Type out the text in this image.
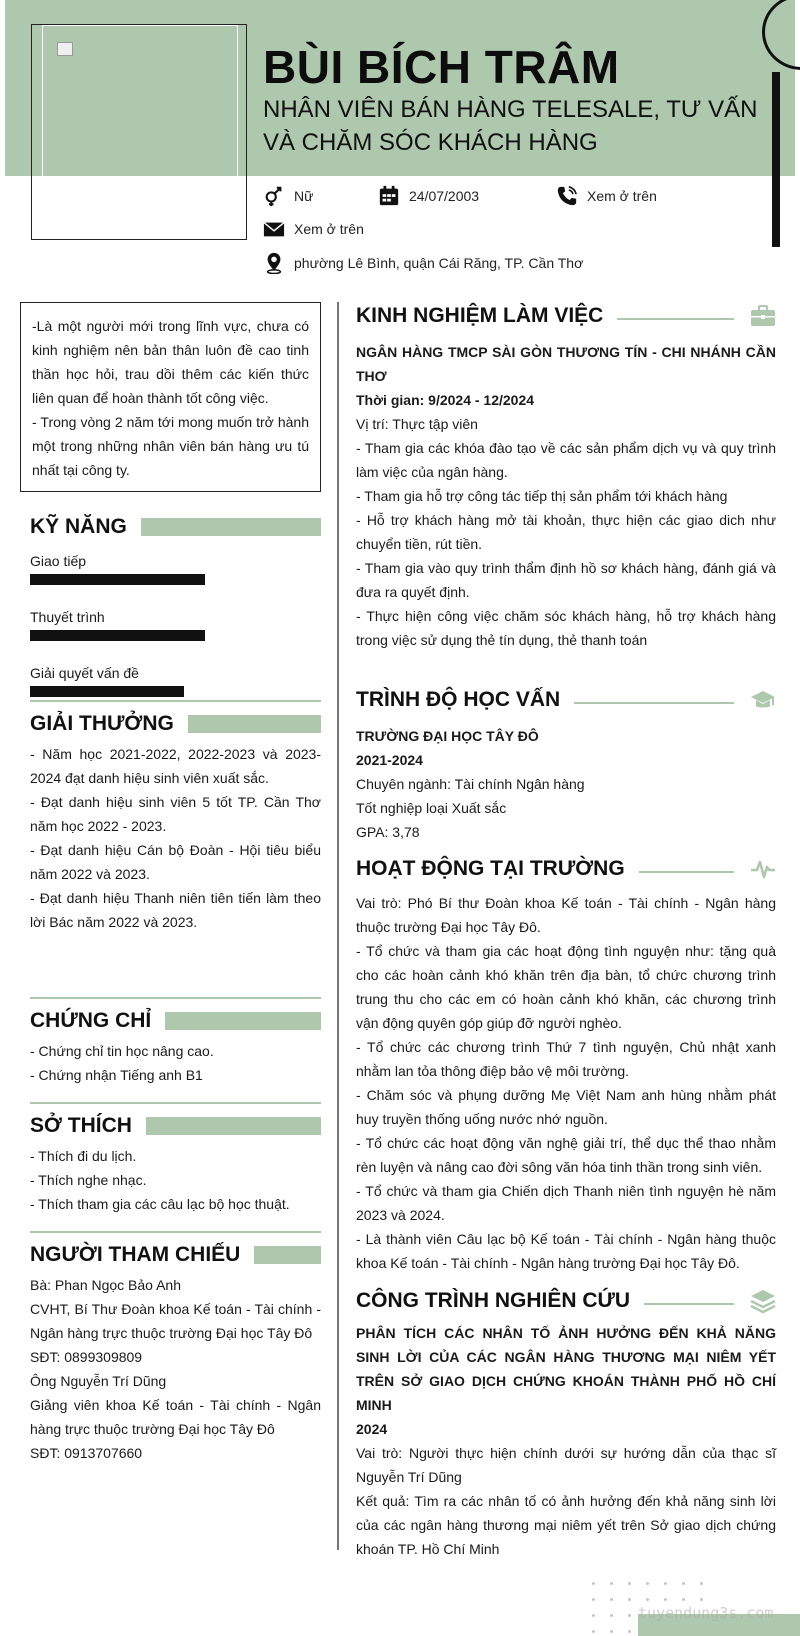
BÙI BÍCH TRÂM
NHÂN VIÊN BÁN HÀNG TELESALE, TƯ VẤN VÀ CHĂM SÓC KHÁCH HÀNG
Nữ	24/07/2003	Xem ở trên
Xem ở trên
phường Lê Bình, quận Cái Răng, TP. Cần Thơ
-Là một người mới trong lĩnh vực, chưa có kinh nghiệm nên bản thân luôn đề cao tinh thần học hỏi, trau dồi thêm các kiến thức liên quan để hoàn thành tốt công việc.
- Trong vòng 2 năm tới mong muốn trở hành một trong những nhân viên bán hàng ưu tú nhất tại công ty.
KỸ NĂNG
Giao tiếp
Thuyết trình
Giải quyết vấn đề
GIẢI THƯỞNG
- Năm học 2021-2022, 2022-2023 và 2023-2024 đạt danh hiệu sinh viên xuất sắc.
- Đạt danh hiệu sinh viên 5 tốt TP. Cần Thơ năm học 2022 - 2023.
- Đạt danh hiệu Cán bộ Đoàn - Hội tiêu biểu năm 2022 và 2023.
- Đạt danh hiệu Thanh niên tiên tiến làm theo lời Bác năm 2022 và 2023.
CHỨNG CHỈ
- Chứng chỉ tin học nâng cao.
- Chứng nhận Tiếng anh B1
SỞ THÍCH
- Thích đi du lịch.
- Thích nghe nhạc.
- Thích tham gia các câu lạc bộ học thuật.
NGƯỜI THAM CHIẾU
Bà: Phan Ngọc Bảo Anh
CVHT, Bí Thư Đoàn khoa Kế toán - Tài chính - Ngân hàng trực thuộc trường Đại học Tây Đô
SĐT: 0899309809
Ông Nguyễn Trí Dũng
Giảng viên khoa Kế toán - Tài chính - Ngân hàng trực thuộc trường Đại học Tây Đô
SĐT: 0913707660
KINH NGHIỆM LÀM VIỆC
NGÂN HÀNG TMCP SÀI GÒN THƯƠNG TÍN - CHI NHÁNH CẦN THƠ
Thời gian: 9/2024 - 12/2024
Vị trí: Thực tập viên
- Tham gia các khóa đào tạo về các sản phẩm dịch vụ và quy trình làm việc của ngân hàng.
- Tham gia hỗ trợ công tác tiếp thị sản phẩm tới khách hàng
- Hỗ trợ khách hàng mở tài khoản, thực hiện các giao dich như chuyển tiền, rút tiền.
- Tham gia vào quy trình thẩm định hồ sơ khách hàng, đánh giá và đưa ra quyết định.
- Thực hiện công việc chăm sóc khách hàng, hỗ trợ khách hàng trong việc sử dụng thẻ tín dụng, thẻ thanh toán
TRÌNH ĐỘ HỌC VẤN
TRƯỜNG ĐẠI HỌC TÂY ĐÔ
2021-2024
Chuyên ngành: Tài chính Ngân hàng
Tốt nghiệp loại Xuất sắc
GPA: 3,78
HOẠT ĐỘNG TẠI TRƯỜNG
Vai trò: Phó Bí thư Đoàn khoa Kế toán - Tài chính - Ngân hàng thuộc trường Đại học Tây Đô.
- Tổ chức và tham gia các hoạt động tình nguyện như: tặng quà cho các hoàn cảnh khó khăn trên địa bàn, tổ chức chương trình trung thu cho các em có hoàn cảnh khó khăn, các chương trình vận động quyên góp giúp đỡ người nghèo.
- Tổ chức các chương trình Thứ 7 tình nguyện, Chủ nhật xanh nhằm lan tỏa thông điệp bảo vệ môi trường.
- Chăm sóc và phụng dưỡng Mẹ Việt Nam anh hùng nhằm phát huy truyền thống uống nước nhớ nguồn.
- Tổ chức các hoạt động văn nghệ giải trí, thể dục thể thao nhằm rèn luyện và nâng cao đời sông văn hóa tinh thần trong sinh viên.
- Tổ chức và tham gia Chiến dịch Thanh niên tình nguyện hè năm 2023 và 2024.
- Là thành viên Câu lạc bộ Kế toán - Tài chính - Ngân hàng thuộc khoa Kế toán - Tài chính - Ngân hàng trường Đại học Tây Đô.
CÔNG TRÌNH NGHIÊN CỨU
PHÂN TÍCH CÁC NHÂN TỐ ẢNH HƯỞNG ĐẾN KHẢ NĂNG SINH LỜI CỦA CÁC NGÂN HÀNG THƯƠNG MẠI NIÊM YẾT TRÊN SỞ GIAO DỊCH CHỨNG KHOÁN THÀNH PHỐ HỒ CHÍ MINH
2024
Vai trò: Người thực hiện chính dưới sự hướng dẫn của thạc sĩ Nguyễn Trí Dũng
Kết quả: Tìm ra các nhân tố có ảnh hưởng đến khả năng sinh lời của các ngân hàng thương mại niêm yết trên Sở giao dịch chứng khoán TP. Hồ Chí Minh
tuyendung3s.com
